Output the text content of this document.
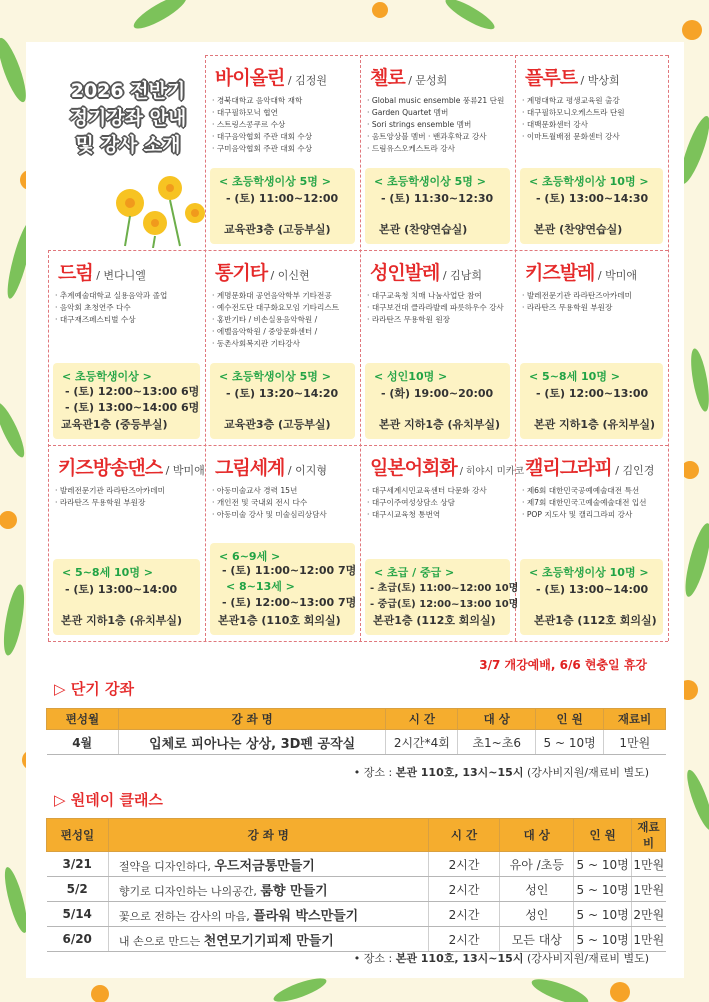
2026 전반기
정기강좌 안내
및 강사 소개
바이올린 / 김정원
· 경북대학교 음악대학 재학
· 대구필하모닉 협연
· 스트링스콩쿠르 수상
· 대구음악협회 주관 대회 수상
· 구미음악협회 주관 대회 수상
< 초등학생이상 5명 >
- (토) 11:00~12:00
교육관3층 (고등부실)
첼로 / 문성희
· Global music ensemble 풍류21 단원
· Garden Quartet 멤버
· Sori strings ensemble 멤버
· 옴트앙상블 멤버 · 밴과후학교 강사
· 드림유스오케스트라 강사
< 초등학생이상 5명 >
- (토) 11:30~12:30
본관 (찬양연습실)
플루트 / 박상희
· 계명대학교 평생교육원 출강
· 대구필하모니오케스트라 단원
· 대백문화센터 강사
· 이마트월배점 문화센터 강사
< 초등학생이상 10명 >
- (토) 13:00~14:30
본관 (찬양연습실)
드럼 / 변다니엘
· 추계예술대학교 실용음악과 졸업
· 음악회 초청연주 다수
· 대구재즈페스티벌 수상
< 초등학생이상 >
- (토) 12:00~13:00 6명
- (토) 13:00~14:00 6명
교육관1층 (중등부실)
통기타 / 이신현
· 계명문화대 공연음악학부 기타전공
· 예수전도단 대구화요모임 기타리스트
· 홍반기타 / 비손실용음악학원 /
· 에벨음악학원 / 중앙문화센터 /
· 동촌사회복지관 기타강사
< 초등학생이상 5명 >
- (토) 13:20~14:20
교육관3층 (고등부실)
성인발레 / 김남희
· 대구교육청 치매 나눔사업단 참여
· 대구보건대 클라라발레 파릇하우수 강사
· 라라탄즈 무용학원 원장
< 성인10명 >
- (화) 19:00~20:00
본관 지하1층 (유치부실)
키즈발레 / 박미애
· 발레전문기관 라라탄즈아카데미
· 라라탄즈 무용학원 부원장
< 5~8세 10명 >
- (토) 12:00~13:00
본관 지하1층 (유치부실)
키즈방송댄스 / 박미애
· 발레전문기관 라라탄즈아카데미
· 라라탄즈 무용학원 부원장
< 5~8세 10명 >
- (토) 13:00~14:00
본관 지하1층 (유치부실)
그림세계 / 이지형
· 아동미술교사 경력 15년
· 개인전 및 국내외 전시 다수
· 아동미술 강사 및 미술심리상담사
< 6~9세 >
- (토) 11:00~12:00 7명
< 8~13세 >
- (토) 12:00~13:00 7명
본관1층 (110호 회의실)
일본어회화 / 히야시 미카코
· 대구세계시민교육센터 다문화 강사
· 대구이주여성상담소 상담
· 대구시교육청 통번역
< 초급 / 중급 >
- 초급(토) 11:00~12:00 10명
- 중급(토) 12:00~13:00 10명
본관1층 (112호 회의실)
캘리그라피 / 김인경
· 제6회 대한민국공예예술대전 특선
· 제7회 대한민국고예술예술대전 입선
· POP 지도사 및 캘리그라피 강사
< 초등학생이상 10명 >
- (토) 13:00~14:00
본관1층 (112호 회의실)
3/7 개강예배, 6/6 현충일 휴강
▷ 단기 강좌
편성월	강 좌 명	시 간	대 상	인 원	재료비
4월	입체로 피아나는 상상, 3D펜 공작실	2시간*4회	초1~초6	5 ~ 10명	1만원
• 장소 : 본관 110호, 13시~15시 (강사비지원/재료비 별도)
▷ 원데이 클래스
편성일	강 좌 명	시 간	대 상	인 원	재료비
3/21	절약을 디자인하다, 우드저금통만들기	2시간	유아 /초등	5 ~ 10명	1만원
5/2	향기로 디자인하는 나의공간, 룸향 만들기	2시간	성인	5 ~ 10명	1만원
5/14	꽃으로 전하는 감사의 마음, 플라워 박스만들기	2시간	성인	5 ~ 10명	2만원
6/20	내 손으로 만드는 천연모기기피제 만들기	2시간	모든 대상	5 ~ 10명	1만원
• 장소 : 본관 110호, 13시~15시 (강사비지원/재료비 별도)
